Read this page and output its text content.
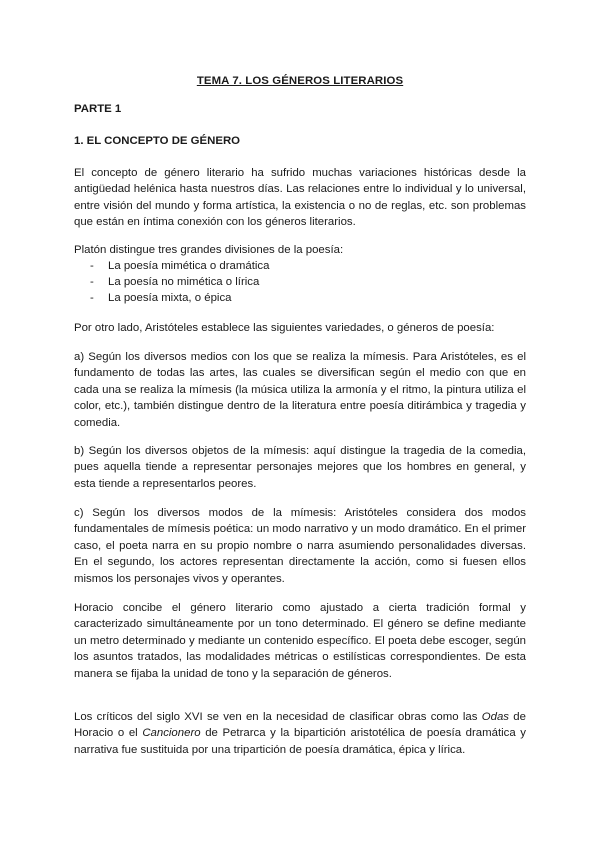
TEMA 7. LOS GÉNEROS LITERARIOS
PARTE 1
1. EL CONCEPTO DE GÉNERO
El concepto de género literario ha sufrido muchas variaciones históricas desde la antigüedad helénica hasta nuestros días. Las relaciones entre lo individual y lo universal, entre visión del mundo y forma artística, la existencia o no de reglas, etc. son problemas que están en íntima conexión con los géneros literarios.
Platón distingue tres grandes divisiones de la poesía:
- La poesía mimética o dramática
- La poesía no mimética o lírica
- La poesía mixta, o épica
Por otro lado, Aristóteles establece las siguientes variedades, o géneros de poesía:
a) Según los diversos medios con los que se realiza la mímesis. Para Aristóteles, es el fundamento de todas las artes, las cuales se diversifican según el medio con que en cada una se realiza la mímesis (la música utiliza la armonía y el ritmo, la pintura utiliza el color, etc.), también distingue dentro de la literatura entre poesía ditirámbica y tragedia y comedia.
b) Según los diversos objetos de la mímesis: aquí distingue la tragedia de la comedia, pues aquella tiende a representar personajes mejores que los hombres en general, y esta tiende a representarlos peores.
c) Según los diversos modos de la mímesis: Aristóteles considera dos modos fundamentales de mímesis poética: un modo narrativo y un modo dramático. En el primer caso, el poeta narra en su propio nombre o narra asumiendo personalidades diversas. En el segundo, los actores representan directamente la acción, como si fuesen ellos mismos los personajes vivos y operantes.
Horacio concibe el género literario como ajustado a cierta tradición formal y caracterizado simultáneamente por un tono determinado. El género se define mediante un metro determinado y mediante un contenido específico. El poeta debe escoger, según los asuntos tratados, las modalidades métricas o estilísticas correspondientes. De esta manera se fijaba la unidad de tono y la separación de géneros.
Los críticos del siglo XVI se ven en la necesidad de clasificar obras como las Odas de Horacio o el Cancionero de Petrarca y la bipartición aristotélica de poesía dramática y narrativa fue sustituida por una tripartición de poesía dramática, épica y lírica.
